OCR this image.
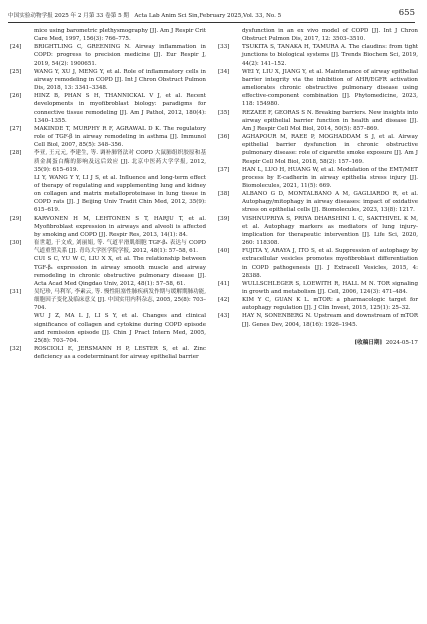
中国实验动物学报 2025 年 2 月第 33 卷第 5 期 Acta Lab Anim Sci Sin,February 2025,Vol. 33, No. 5	655
mice using barometric plethysmography [J]. Am J Respir Crit Care Med, 1997, 156(3): 766–775.
[24] BRIGHTLING C, GREENING N. Airway inflammation in COPD: progress to precision medicine [J]. Eur Respir J, 2019, 54(2): 1900651.
[25] WANG Y, XU J, MENG Y, et al. Role of inflammatory cells in airway remodeling in COPD [J]. Int J Chron Obstruct Pulmon Dis, 2018, 13: 3341–3348.
[26] HINZ B, PHAN S H, THANNICKAL V J, et al. Recent developments in myofibroblast biology: paradigms for connective tissue remodeling [J]. Am J Pathol, 2012, 180(4): 1340–1355.
[27] MAKINDE T, MURPHY R F, AGRAWAL D K. The regulatory role of TGF-β in airway remodeling in asthma [J]. Immunol Cell Biol, 2007, 85(5): 348–356.
[28] 李亚, 王元元, 李建生, 等. 调补肺肾法对 COPD 大鼠肺组织胶原和基质金属蛋白酶的影响及远后效应 [J]. 北京中医药大学学报, 2012, 35(9): 615–619.
LI Y, WANG Y Y, LI J S, et al. Influence and long-term effect of therapy of regulating and supplementing lung and kidney on collagen and matrix metalloproteinase in lung tissue in COPD rats [J]. J Beijing Univ Tradit Chin Med, 2012, 35(9): 615–619.
[29] KARVONEN H M, LEHTONEN S T, HARJU T, et al. Myofibroblast expression in airways and alveoli is affected by smoking and COPD [J]. Respir Res, 2013, 14(1): 84.
[30] 崔世超, 于文成, 刘丽娟, 等. 气道平滑肌细胞 TGF-β₁ 表达与 COPD 气道重塑关系 [J]. 青岛大学医学院学报, 2012, 48(1): 57–58, 61.
CUI S C, YU W C, LIU X X, et al. The relationship between TGF-β₁ expression in airway smooth muscle and airway remodeling in chronic obstructive pulmonary disease [J]. Acta Acad Med Qingdao Univ, 2012, 48(1): 57–58, 61.
[31] 吴纪珍, 马利军, 李素云, 等. 慢性阻塞性肺疾病发作期与缓解期肺功能, 细胞因子变化及临床意义 [J]. 中国实用内科杂志, 2005, 25(8): 703–704.
WU J Z, MA L J, LI S Y, et al. Changes and clinical significance of collagen and cytokine during COPD episode and remission episode [J]. Chin J Pract Intern Med, 2005, 25(8): 703–704.
[32] ROSCIOLI E, JERSMANN H P, LESTER S, et al. Zinc deficiency as a codeterminant for airway epithelial barrier
dysfunction in an ex vivo model of COPD [J]. Int J Chron Obstruct Pulmon Dis, 2017, 12: 3503–3510.
[33] TSUKITA S, TANAKA H, TAMURA A. The claudins: from tight junctions to biological systems [J]. Trends Biochem Sci, 2019, 44(2): 141–152.
[34] WEI Y, LIU X, JIANG Y, et al. Maintenance of airway epithelial barrier integrity via the inhibition of AHR/EGFR activation ameliorates chronic obstructive pulmonary disease using effective-component combination [J]. Phytomedicine, 2023, 118: 154980.
[35] REZAEE F, GEORAS S N. Breaking barriers. New insights into airway epithelial barrier function in health and disease [J]. Am J Respir Cell Mol Biol, 2014, 50(5): 857–869.
[36] AGHAPOUR M, RAEE P, MOGHADDAM S J, et al. Airway epithelial barrier dysfunction in chronic obstructive pulmonary disease: role of cigarette smoke exposure [J]. Am J Respir Cell Mol Biol, 2018, 58(2): 157–169.
[37] HAN L, LUO H, HUANG W, et al. Modulation of the EMT/MET process by E-cadherin in airway epithelia stress injury [J]. Biomolecules, 2021, 11(5): 669.
[38] ALBANO G D, MONTALBANO A M, GAGLIARDO R, et al. Autophagy/mitophagy in airway diseases: impact of oxidative stress on epithelial cells [J]. Biomolecules, 2023, 13(8): 1217.
[39] VISHNUPRIYA S, PRIYA DHARSHINI L C, SAKTHIVEL K M, et al. Autophagy markers as mediators of lung injury-implication for therapeutic intervention [J]. Life Sci, 2020, 260: 118308.
[40] FUJITA Y, ARAYA J, ITO S, et al. Suppression of autophagy by extracellular vesicles promotes myofibroblast differentiation in COPD pathogenesis [J]. J Extracell Vesicles, 2015, 4: 28388.
[41] WULLSCHLEGER S, LOEWITH R, HALL M N. TOR signaling in growth and metabolism [J]. Cell, 2006, 124(3): 471–484.
[42] KIM Y C, GUAN K L. mTOR: a pharmacologic target for autophagy regulation [J]. J Clin Invest, 2015, 125(1): 25–32.
[43] HAY N, SONENBERG N. Upstream and downstream of mTOR [J]. Genes Dev, 2004, 18(16): 1926–1945.
[收稿日期] 2024-05-17
